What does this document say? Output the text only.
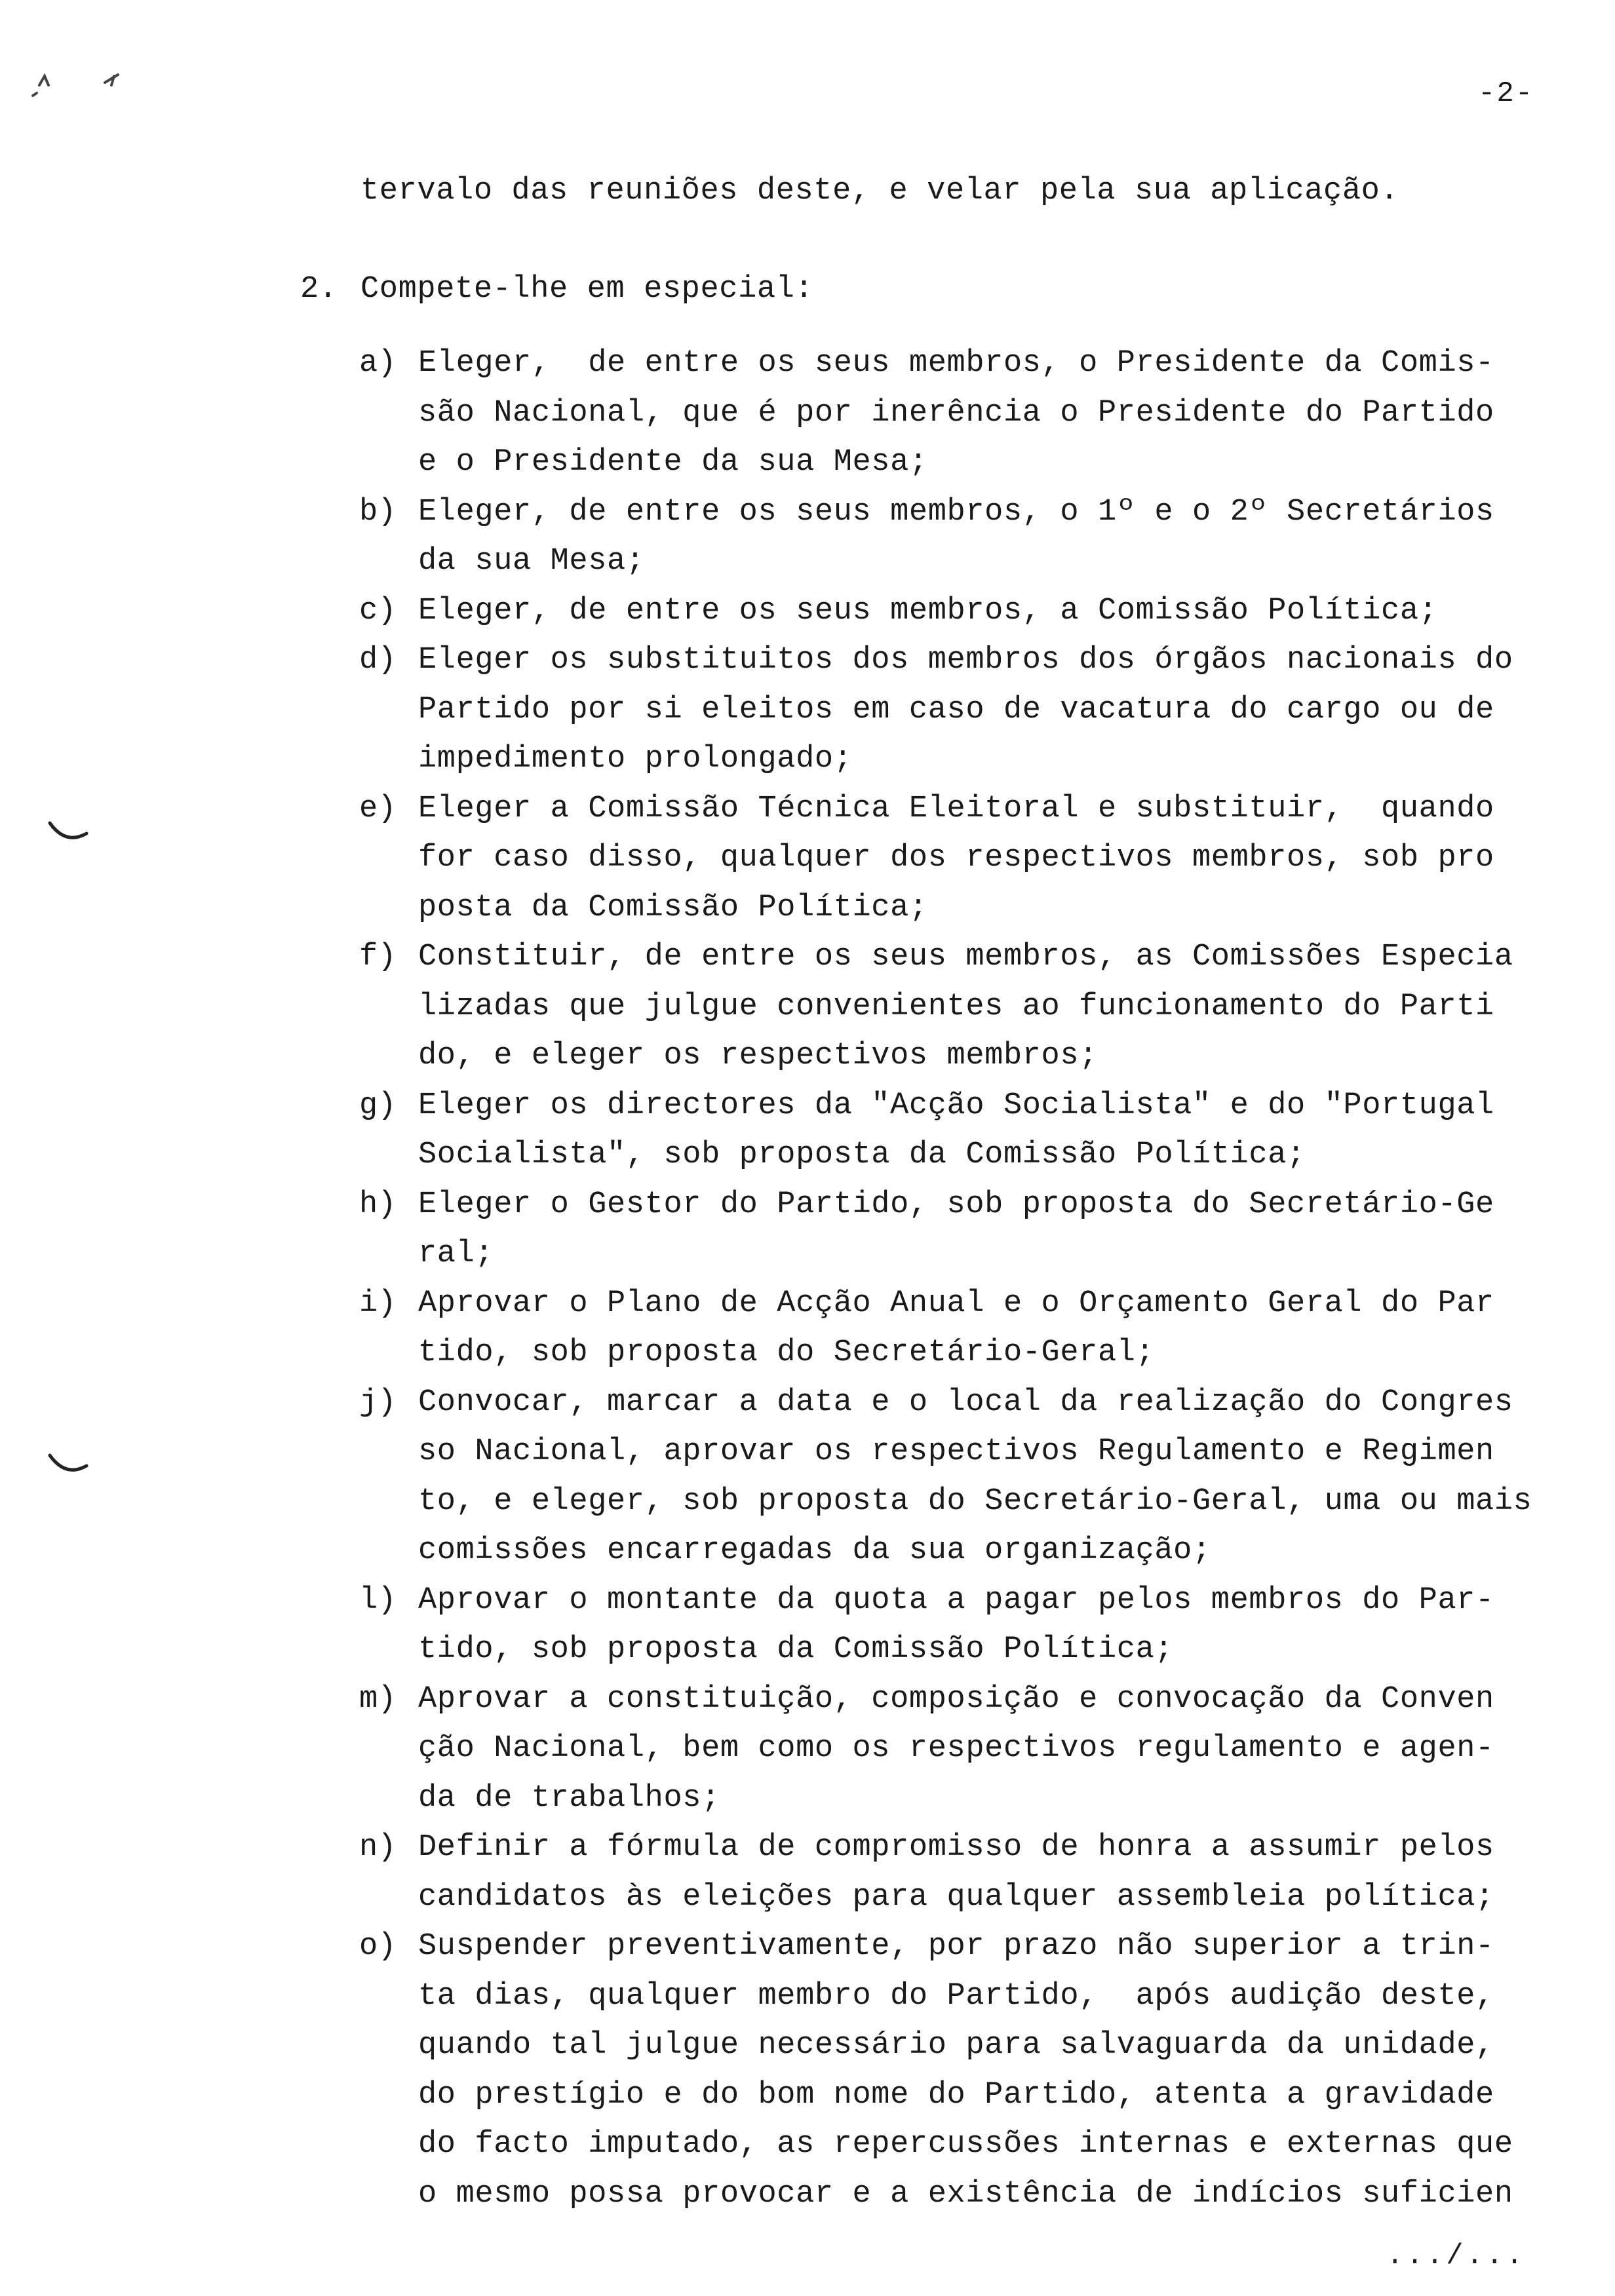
-2-
tervalo das reuniões deste, e velar pela sua aplicação.
2. Compete-lhe em especial:
a) Eleger,  de entre os seus membros, o Presidente da Comis-
são Nacional, que é por inerência o Presidente do Partido
e o Presidente da sua Mesa;
b) Eleger, de entre os seus membros, o 1º e o 2º Secretários
da sua Mesa;
c) Eleger, de entre os seus membros, a Comissão Política;
d) Eleger os substituitos dos membros dos órgãos nacionais do
Partido por si eleitos em caso de vacatura do cargo ou de
impedimento prolongado;
e) Eleger a Comissão Técnica Eleitoral e substituir,  quando
for caso disso, qualquer dos respectivos membros, sob pro
posta da Comissão Política;
f) Constituir, de entre os seus membros, as Comissões Especia
lizadas que julgue convenientes ao funcionamento do Parti
do, e eleger os respectivos membros;
g) Eleger os directores da "Acção Socialista" e do "Portugal
Socialista", sob proposta da Comissão Política;
h) Eleger o Gestor do Partido, sob proposta do Secretário-Ge
ral;
i) Aprovar o Plano de Acção Anual e o Orçamento Geral do Par
tido, sob proposta do Secretário-Geral;
j) Convocar, marcar a data e o local da realização do Congres
so Nacional, aprovar os respectivos Regulamento e Regimen
to, e eleger, sob proposta do Secretário-Geral, uma ou mais
comissões encarregadas da sua organização;
l) Aprovar o montante da quota a pagar pelos membros do Par-
tido, sob proposta da Comissão Política;
m) Aprovar a constituição, composição e convocação da Conven
ção Nacional, bem como os respectivos regulamento e agen-
da de trabalhos;
n) Definir a fórmula de compromisso de honra a assumir pelos
candidatos às eleições para qualquer assembleia política;
o) Suspender preventivamente, por prazo não superior a trin-
ta dias, qualquer membro do Partido,  após audição deste,
quando tal julgue necessário para salvaguarda da unidade,
do prestígio e do bom nome do Partido, atenta a gravidade
do facto imputado, as repercussões internas e externas que
o mesmo possa provocar e a existência de indícios suficien
.../...
